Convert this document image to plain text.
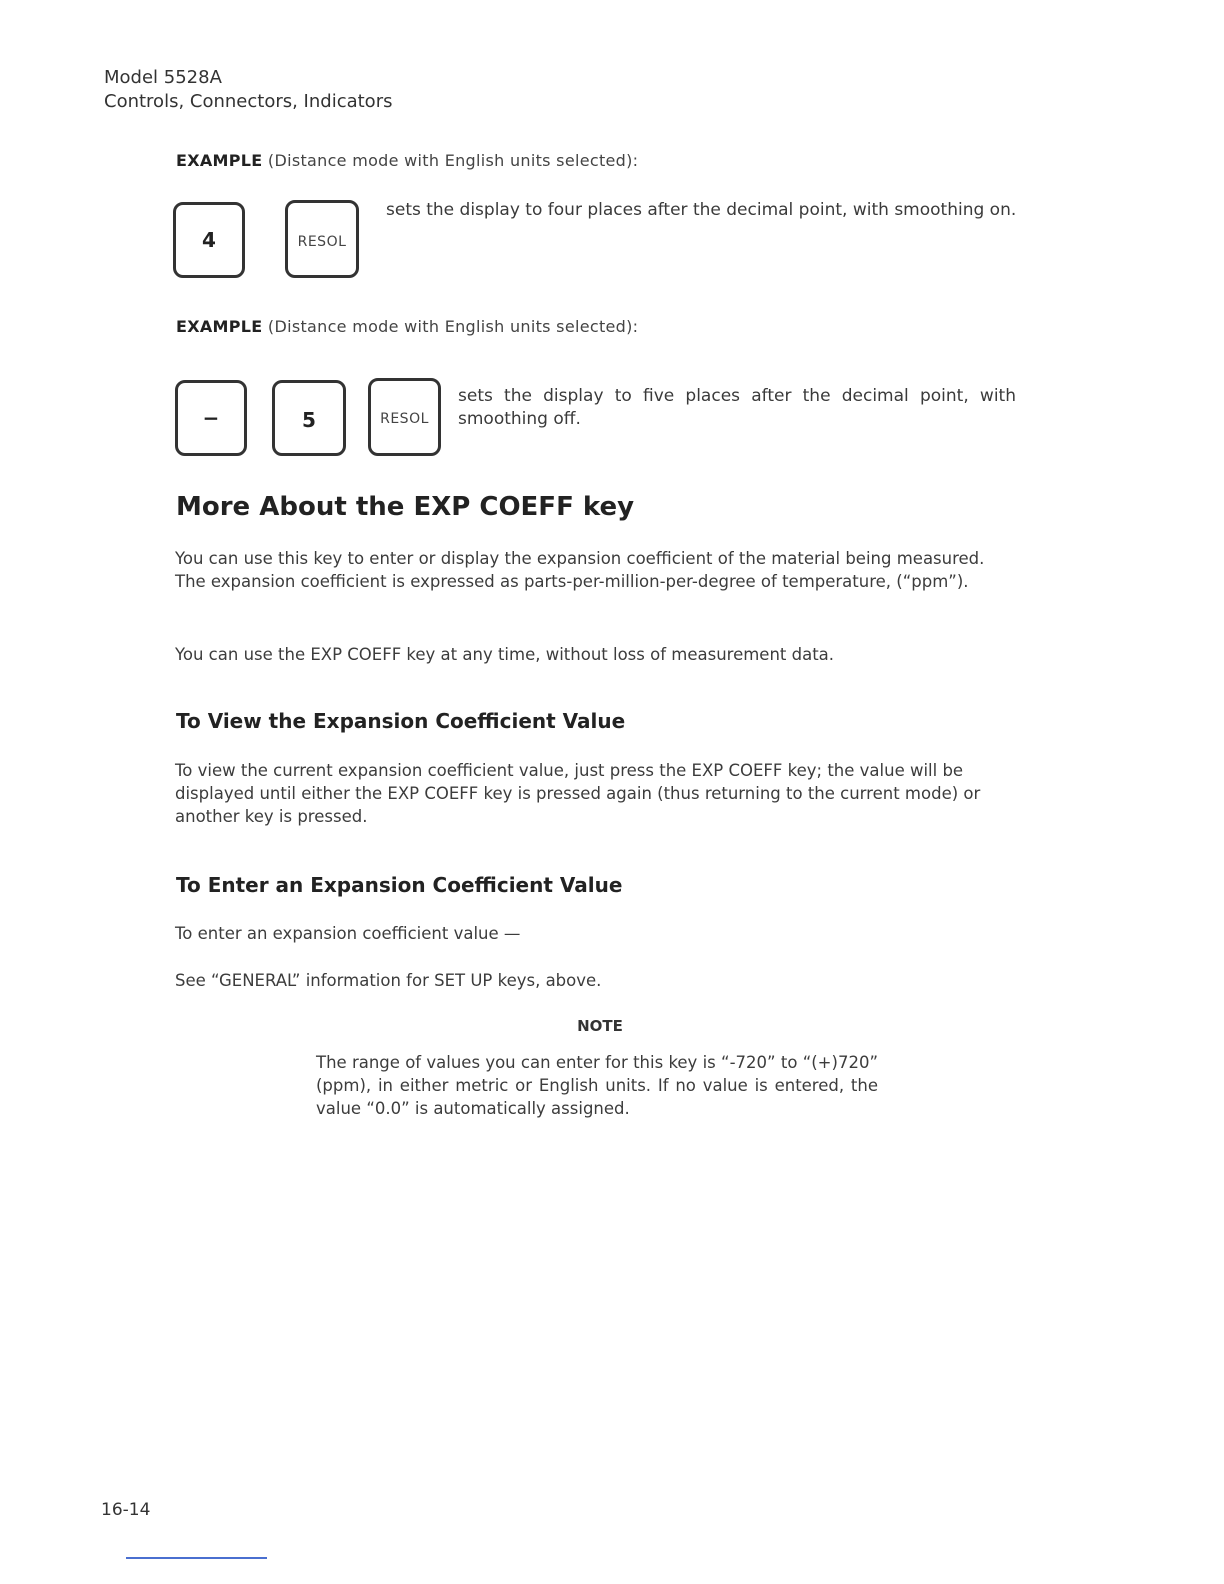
Model 5528A
Controls, Connectors, Indicators
EXAMPLE (Distance mode with English units selected):
4	RESOL
sets the display to four places after the decimal point, with smoothing on.
EXAMPLE (Distance mode with English units selected):
−	5	RESOL
sets the display to five places after the decimal point, with smoothing off.
More About the EXP COEFF key
You can use this key to enter or display the expansion coefficient of the material being measured. The expansion coefficient is expressed as parts-per-million-per-degree of temperature, (“ppm”).
You can use the EXP COEFF key at any time, without loss of measurement data.
To View the Expansion Coefficient Value
To view the current expansion coefficient value, just press the EXP COEFF key; the value will be displayed until either the EXP COEFF key is pressed again (thus returning to the current mode) or another key is pressed.
To Enter an Expansion Coefficient Value
To enter an expansion coefficient value —
See “GENERAL” information for SET UP keys, above.
NOTE
The range of values you can enter for this key is “-720” to “(+)720” (ppm), in either metric or English units. If no value is entered, the value “0.0” is automatically assigned.
16-14
